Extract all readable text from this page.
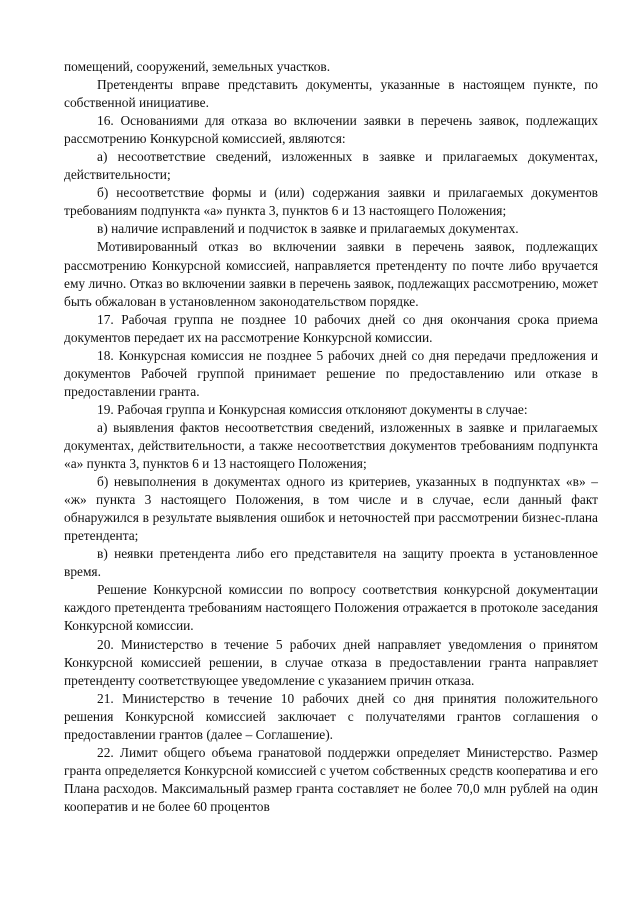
помещений, сооружений, земельных участков.

Претенденты вправе представить документы, указанные в настоящем пункте, по собственной инициативе.

16. Основаниями для отказа во включении заявки в перечень заявок, подлежащих рассмотрению Конкурсной комиссией, являются:

а) несоответствие сведений, изложенных в заявке и прилагаемых документах, действительности;

б) несоответствие формы и (или) содержания заявки и прилагаемых документов требованиям подпункта «а» пункта 3, пунктов 6 и 13 настоящего Положения;

в) наличие исправлений и подчисток в заявке и прилагаемых документах.

Мотивированный отказ во включении заявки в перечень заявок, подлежащих рассмотрению Конкурсной комиссией, направляется претенденту по почте либо вручается ему лично. Отказ во включении заявки в перечень заявок, подлежащих рассмотрению, может быть обжалован в установленном законодательством порядке.

17. Рабочая группа не позднее 10 рабочих дней со дня окончания срока приема документов передает их на рассмотрение Конкурсной комиссии.

18. Конкурсная комиссия не позднее 5 рабочих дней со дня передачи предложения и документов Рабочей группой принимает решение по предоставлению или отказе в предоставлении гранта.

19. Рабочая группа и Конкурсная комиссия отклоняют документы в случае:

а) выявления фактов несоответствия сведений, изложенных в заявке и прилагаемых документах, действительности, а также несоответствия документов требованиям подпункта «а» пункта 3, пунктов 6 и 13 настоящего Положения;

б) невыполнения в документах одного из критериев, указанных в подпунктах «в» – «ж» пункта 3 настоящего Положения, в том числе и в случае, если данный факт обнаружился в результате выявления ошибок и неточностей при рассмотрении бизнес-плана претендента;

в) неявки претендента либо его представителя на защиту проекта в установленное время.

Решение Конкурсной комиссии по вопросу соответствия конкурсной документации каждого претендента требованиям настоящего Положения отражается в протоколе заседания Конкурсной комиссии.

20. Министерство в течение 5 рабочих дней направляет уведомления о принятом Конкурсной комиссией решении, в случае отказа в предоставлении гранта направляет претенденту соответствующее уведомление с указанием причин отказа.

21. Министерство в течение 10 рабочих дней со дня принятия положительного решения Конкурсной комиссией заключает с получателями грантов соглашения о предоставлении грантов (далее – Соглашение).

22. Лимит общего объема гранатовой поддержки определяет Министерство. Размер гранта определяется Конкурсной комиссией с учетом собственных средств кооператива и его Плана расходов. Максимальный размер гранта составляет не более 70,0 млн рублей на один кооператив и не более 60 процентов
